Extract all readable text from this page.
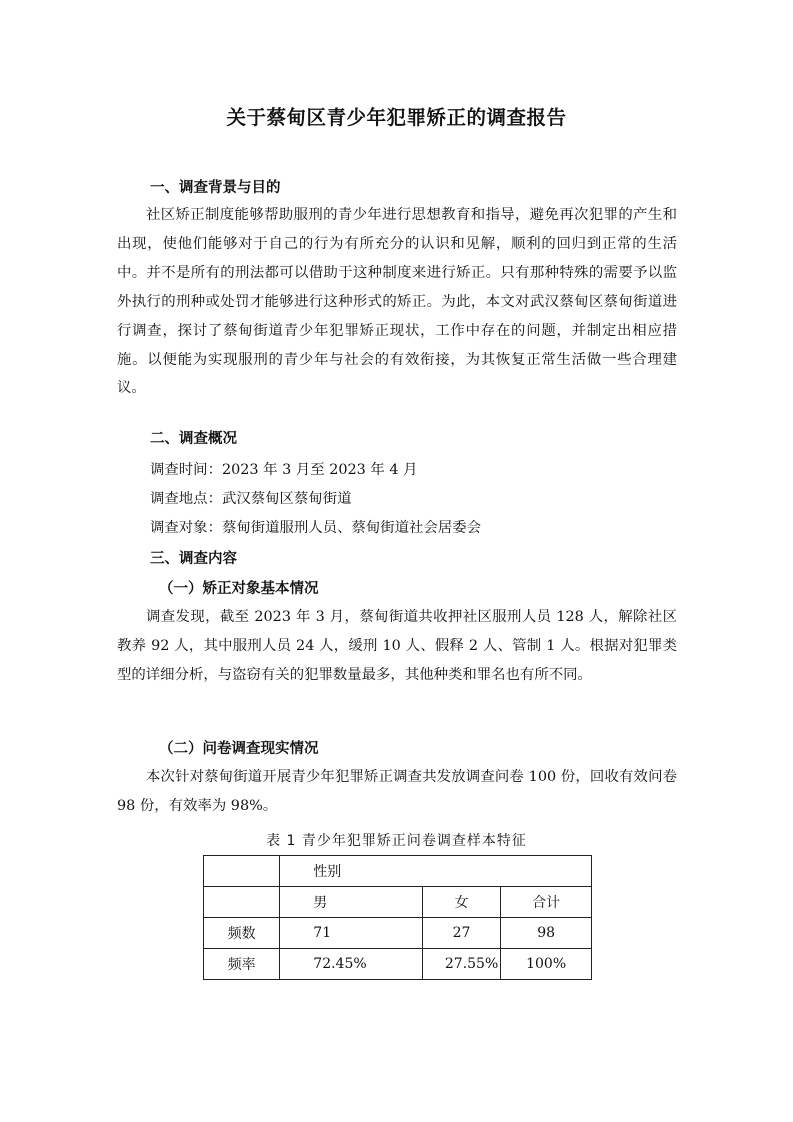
关于蔡甸区青少年犯罪矫正的调查报告
一、调查背景与目的

社区矫正制度能够帮助服刑的青少年进行思想教育和指导，避免再次犯罪的产生和出现，使他们能够对于自己的行为有所充分的认识和见解，顺利的回归到正常的生活中。并不是所有的刑法都可以借助于这种制度来进行矫正。只有那种特殊的需要予以监外执行的刑种或处罚才能够进行这种形式的矫正。为此，本文对武汉蔡甸区蔡甸街道进行调查，探讨了蔡甸街道青少年犯罪矫正现状，工作中存在的问题，并制定出相应措施。以便能为实现服刑的青少年与社会的有效衔接，为其恢复正常生活做一些合理建议。

二、调查概况
调查时间：2023 年 3 月至 2023 年 4 月
调查地点：武汉蔡甸区蔡甸街道
调查对象：蔡甸街道服刑人员、蔡甸街道社会居委会
三、调查内容
（一）矫正对象基本情况

调查发现，截至 2023 年 3 月，蔡甸街道共收押社区服刑人员 128 人，解除社区教养 92 人，其中服刑人员 24 人，缓刑 10 人、假释 2 人、管制 1 人。根据对犯罪类型的详细分析，与盗窃有关的犯罪数量最多，其他种类和罪名也有所不同。

（二）问卷调查现实情况

本次针对蔡甸街道开展青少年犯罪矫正调查共发放调查问卷 100 份，回收有效问卷 98 份，有效率为 98%。

表 1 青少年犯罪矫正问卷调查样本特征
	性别		
	男	女	合计
频数	71	27	98
频率	72.45%	27.55%	100%
